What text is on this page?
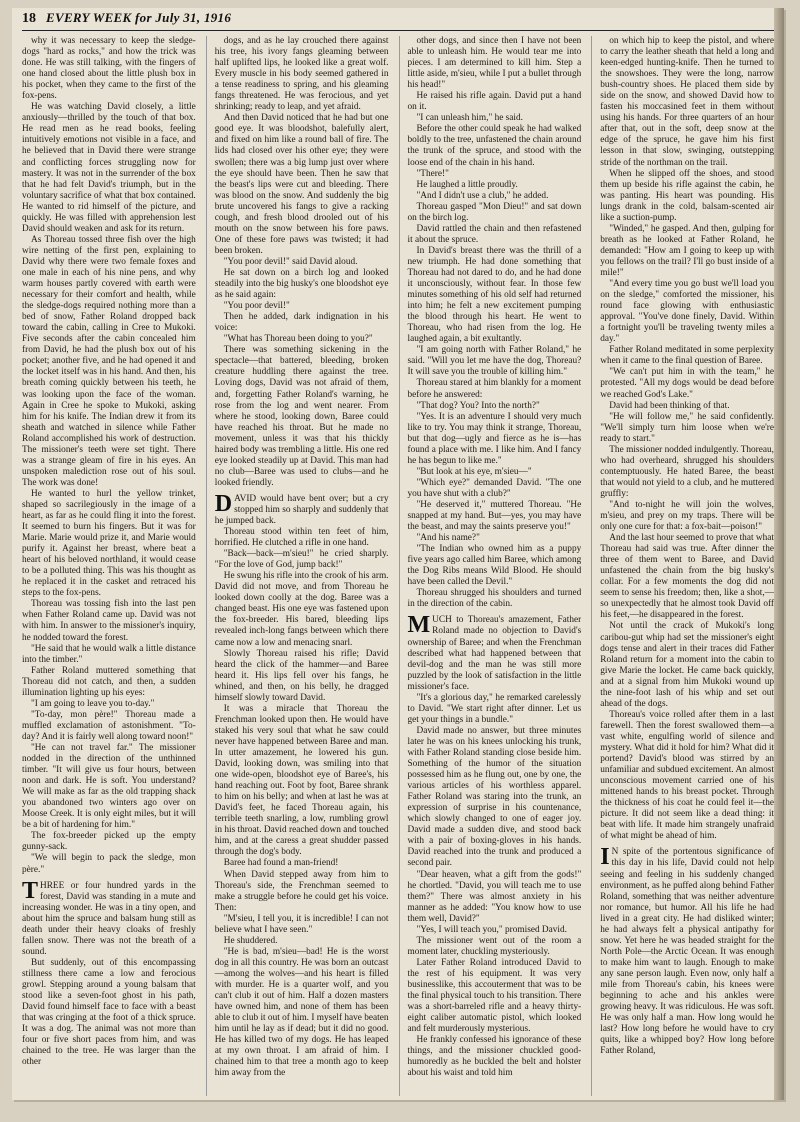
18 EVERY WEEK for July 31, 1916

why it was necessary to keep the sledge-dogs "hard as rocks," and how the trick was done. He was still talking, with the fingers of one hand closed about the little plush box in his pocket, when they came to the first of the fox-pens.

He was watching David closely, a little anxiously—thrilled by the touch of that box. He read men as he read books, feeling intuitively emotions not visible in a face, and he believed that in David there were strange and conflicting forces struggling now for mastery. It was not in the surrender of the box that he had felt David's triumph, but in the voluntary sacrifice of what that box contained. He wanted to rid himself of the picture, and quickly. He was filled with apprehension lest David should weaken and ask for its return.

As Thoreau tossed three fish over the high wire netting of the first pen, explaining to David why there were two female foxes and one male in each of his nine pens, and why warm houses partly covered with earth were necessary for their comfort and health, while the sledge-dogs required nothing more than a bed of snow, Father Roland dropped back toward the cabin, calling in Cree to Mukoki. Five seconds after the cabin concealed him from David, he had the plush box out of his pocket; another five, and he had opened it and the locket itself was in his hand. And then, his breath coming quickly between his teeth, he was looking upon the face of the woman. Again in Cree he spoke to Mukoki, asking him for his knife. The Indian drew it from its sheath and watched in silence while Father Roland accomplished his work of destruction. The missioner's teeth were set tight. There was a strange gleam of fire in his eyes. An unspoken malediction rose out of his soul. The work was done!

He wanted to hurl the yellow trinket, shaped so sacrilegiously in the image of a heart, as far as he could fling it into the forest. It seemed to burn his fingers. But it was for Marie. Marie would prize it, and Marie would purify it. Against her breast, where beat a heart of his beloved northland, it would cease to be a polluted thing. This was his thought as he replaced it in the casket and retraced his steps to the fox-pens.

Thoreau was tossing fish into the last pen when Father Roland came up. David was not with him. In answer to the missioner's inquiry, he nodded toward the forest.

"He said that he would walk a little distance into the timber."

Father Roland muttered something that Thoreau did not catch, and then, a sudden illumination lighting up his eyes:

"I am going to leave you to-day."

"To-day, mon père!" Thoreau made a muffled exclamation of astonishment. "To-day? And it is fairly well along toward noon!"

"He can not travel far." The missioner nodded in the direction of the unthinned timber. "It will give us four hours, between noon and dark. He is soft. You understand? We will make as far as the old trapping shack you abandoned two winters ago over on Moose Creek. It is only eight miles, but it will be a bit of hardening for him."

The fox-breeder picked up the empty gunny-sack.

"We will begin to pack the sledge, mon père."

THREE or four hundred yards in the forest, David was standing in a mute and increasing wonder. He was in a tiny open, and about him the spruce and balsam hung still as death under their heavy cloaks of freshly fallen snow. There was not the breath of a sound.

But suddenly, out of this encompassing stillness there came a low and ferocious growl. Stepping around a young balsam that stood like a seven-foot ghost in his path, David found himself face to face with a beast that was cringing at the foot of a thick spruce. It was a dog. The animal was not more than four or five short paces from him, and was chained to the tree. He was larger than the other

dogs, and as he lay crouched there against his tree, his ivory fangs gleaming between half uplifted lips, he looked like a great wolf. Every muscle in his body seemed gathered in a tense readiness to spring, and his gleaming fangs threatened. He was ferocious, and yet shrinking; ready to leap, and yet afraid.

And then David noticed that he had but one good eye. It was bloodshot, balefully alert, and fixed on him like a round ball of fire. The lids had closed over his other eye; they were swollen; there was a big lump just over where the eye should have been. Then he saw that the beast's lips were cut and bleeding. There was blood on the snow. And suddenly the big brute uncovered his fangs to give a racking cough, and fresh blood drooled out of his mouth on the snow between his fore paws. One of these fore paws was twisted; it had been broken.

"You poor devil!" said David aloud.

He sat down on a birch log and looked steadily into the big husky's one bloodshot eye as he said again:

"You poor devil!"

Then he added, dark indignation in his voice:

"What has Thoreau been doing to you?"

There was something sickening in the spectacle—that battered, bleeding, broken creature huddling there against the tree. Loving dogs, David was not afraid of them, and, forgetting Father Roland's warning, he rose from the log and went nearer. From where he stood, looking down, Baree could have reached his throat. But he made no movement, unless it was that his thickly haired body was trembling a little. His one red eye looked steadily up at David. This man had no club—Baree was used to clubs—and he looked friendly.

DAVID would have bent over; but a cry stopped him so sharply and suddenly that he jumped back.

Thoreau stood within ten feet of him, horrified. He clutched a rifle in one hand.

"Back—back—m'sieu!" he cried sharply. "For the love of God, jump back!"

He swung his rifle into the crook of his arm. David did not move, and from Thoreau he looked down coolly at the dog. Baree was a changed beast. His one eye was fastened upon the fox-breeder. His bared, bleeding lips revealed inch-long fangs between which there came now a low and menacing snarl.

Slowly Thoreau raised his rifle; David heard the click of the hammer—and Baree heard it. His lips fell over his fangs, he whined, and then, on his belly, he dragged himself slowly toward David.

It was a miracle that Thoreau the Frenchman looked upon then. He would have staked his very soul that what he saw could never have happened between Baree and man. In utter amazement, he lowered his gun. David, looking down, was smiling into that one wide-open, bloodshot eye of Baree's, his hand reaching out. Foot by foot, Baree shrank to him on his belly; and when at last he was at David's feet, he faced Thoreau again, his terrible teeth snarling, a low, rumbling growl in his throat. David reached down and touched him, and at the caress a great shudder passed through the dog's body.

Baree had found a man-friend!

When David stepped away from him to Thoreau's side, the Frenchman seemed to make a struggle before he could get his voice. Then:

"M'sieu, I tell you, it is incredible! I can not believe what I have seen."

He shuddered.

"He is bad, m'sieu—bad! He is the worst dog in all this country. He was born an outcast—among the wolves—and his heart is filled with murder. He is a quarter wolf, and you can't club it out of him. Half a dozen masters have owned him, and none of them has been able to club it out of him. I myself have beaten him until he lay as if dead; but it did no good. He has killed two of my dogs. He has leaped at my own throat. I am afraid of him. I chained him to that tree a month ago to keep him away from the

other dogs, and since then I have not been able to unleash him. He would tear me into pieces. I am determined to kill him. Step a little aside, m'sieu, while I put a bullet through his head!"

He raised his rifle again. David put a hand on it.

"I can unleash him," he said.

Before the other could speak he had walked boldly to the tree, unfastened the chain around the trunk of the spruce, and stood with the loose end of the chain in his hand.

"There!"

He laughed a little proudly.

"And I didn't use a club," he added.

Thoreau gasped "Mon Dieu!" and sat down on the birch log.

David rattled the chain and then refastened it about the spruce.

In David's breast there was the thrill of a new triumph. He had done something that Thoreau had not dared to do, and he had done it unconsciously, without fear. In those few minutes something of his old self had returned into him; he felt a new excitement pumping the blood through his heart. He went to Thoreau, who had risen from the log. He laughed again, a bit exultantly.

"I am going north with Father Roland," he said. "Will you let me have the dog, Thoreau? It will save you the trouble of killing him."

Thoreau stared at him blankly for a moment before he answered:

"That dog? You? Into the north?"

"Yes. It is an adventure I should very much like to try. You may think it strange, Thoreau, but that dog—ugly and fierce as he is—has found a place with me. I like him. And I fancy he has begun to like me."

"But look at his eye, m'sieu—"

"Which eye?" demanded David. "The one you have shut with a club?"

"He deserved it," muttered Thoreau. "He snapped at my hand. But—yes, you may have the beast, and may the saints preserve you!"

"And his name?"

"The Indian who owned him as a puppy five years ago called him Baree, which among the Dog Ribs means Wild Blood. He should have been called the Devil."

Thoreau shrugged his shoulders and turned in the direction of the cabin.

MUCH to Thoreau's amazement, Father Roland made no objection to David's ownership of Baree; and when the Frenchman described what had happened between that devil-dog and the man he was still more puzzled by the look of satisfaction in the little missioner's face.

"It's a glorious day," he remarked carelessly to David. "We start right after dinner. Let us get your things in a bundle."

David made no answer, but three minutes later he was on his knees unlocking his trunk, with Father Roland standing close beside him. Something of the humor of the situation possessed him as he flung out, one by one, the various articles of his worthless apparel. Father Roland was staring into the trunk, an expression of surprise in his countenance, which slowly changed to one of eager joy. David made a sudden dive, and stood back with a pair of boxing-gloves in his hands. David reached into the trunk and produced a second pair.

"Dear heaven, what a gift from the gods!" he chortled. "David, you will teach me to use them?" There was almost anxiety in his manner as he added: "You know how to use them well, David?"

"Yes, I will teach you," promised David.

The missioner went out of the room a moment later, chuckling mysteriously.

Later Father Roland introduced David to the rest of his equipment. It was very businesslike, this accouterment that was to be the final physical touch to his transition. There was a short-barreled rifle and a heavy thirty-eight caliber automatic pistol, which looked and felt murderously mysterious.

He frankly confessed his ignorance of these things, and the missioner chuckled good-humoredly as he buckled the belt and holster about his waist and told him

on which hip to keep the pistol, and where to carry the leather sheath that held a long and keen-edged hunting-knife. Then he turned to the snowshoes. They were the long, narrow bush-country shoes. He placed them side by side on the snow, and showed David how to fasten his moccasined feet in them without using his hands. For three quarters of an hour after that, out in the soft, deep snow at the edge of the spruce, he gave him his first lesson in that slow, swinging, outstepping stride of the northman on the trail.

When he slipped off the shoes, and stood them up beside his rifle against the cabin, he was panting. His heart was pounding. His lungs drank in the cold, balsam-scented air like a suction-pump.

"Winded," he gasped. And then, gulping for breath as he looked at Father Roland, he demanded: "How am I going to keep up with you fellows on the trail? I'll go bust inside of a mile!"

"And every time you go bust we'll load you on the sledge," comforted the missioner, his round face glowing with enthusiastic approval. "You've done finely, David. Within a fortnight you'll be traveling twenty miles a day."

Father Roland meditated in some perplexity when it came to the final question of Baree.

"We can't put him in with the team," he protested. "All my dogs would be dead before we reached God's Lake."

David had been thinking of that.

"He will follow me," he said confidently. "We'll simply turn him loose when we're ready to start."

The missioner nodded indulgently. Thoreau, who had overheard, shrugged his shoulders contemptuously. He hated Baree, the beast that would not yield to a club, and he muttered gruffly:

"And to-night he will join the wolves, m'sieu, and prey on my traps. There will be only one cure for that: a fox-bait—poison!"

And the last hour seemed to prove that what Thoreau had said was true. After dinner the three of them went to Baree, and David unfastened the chain from the big husky's collar. For a few moments the dog did not seem to sense his freedom; then, like a shot,—so unexpectedly that he almost took David off his feet,—he disappeared in the forest.

Not until the crack of Mukoki's long caribou-gut whip had set the missioner's eight dogs tense and alert in their traces did Father Roland return for a moment into the cabin to give Marie the locket. He came back quickly, and at a signal from him Mukoki wound up the nine-foot lash of his whip and set out ahead of the dogs.

Thoreau's voice rolled after them in a last farewell. Then the forest swallowed them—a vast white, engulfing world of silence and mystery. What did it hold for him? What did it portend? David's blood was stirred by an unfamiliar and subdued excitement. An almost unconscious movement carried one of his mittened hands to his breast pocket. Through the thickness of his coat he could feel it—the picture. It did not seem like a dead thing: it beat with life. It made him strangely unafraid of what might be ahead of him.

I N spite of the portentous significance of this day in his life, David could not help seeing and feeling in his suddenly changed environment, as he puffed along behind Father Roland, something that was neither adventure nor romance, but humor. All his life he had lived in a great city. He had disliked winter; he had always felt a physical antipathy for snow. Yet here he was headed straight for the North Pole—the Arctic Ocean. It was enough to make him want to laugh. Enough to make any sane person laugh. Even now, only half a mile from Thoreau's cabin, his knees were beginning to ache and his ankles were growing heavy. It was ridiculous. He was soft. He was only half a man. How long would he last? How long before he would have to cry quits, like a whipped boy? How long before Father Roland,
